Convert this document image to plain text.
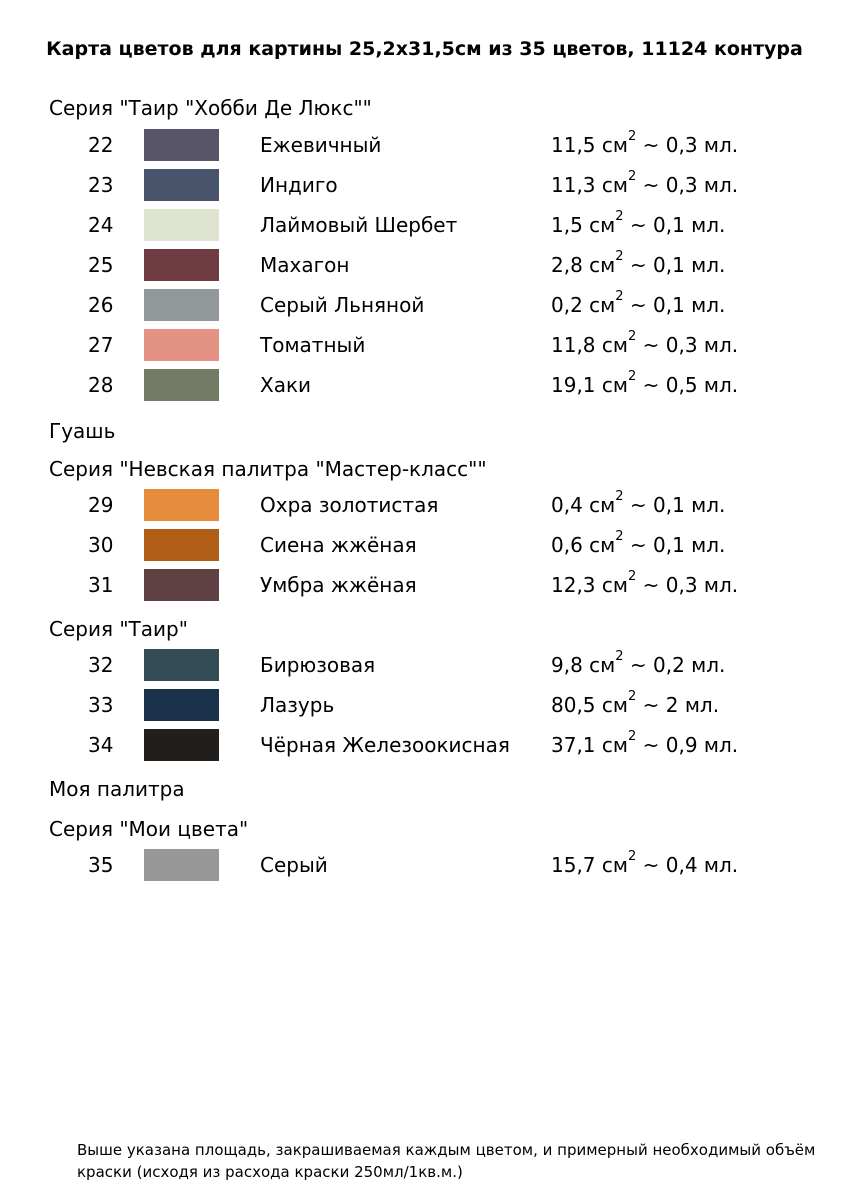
Карта цветов для картины 25,2x31,5см из 35 цветов, 11124 контура
Серия "Таир "Хобби Де Люкс""
22	Ежевичный	11,5 $см^2$ ~ 0,3 мл.
23	Индиго	11,3 $см^2$ ~ 0,3 мл.
24	Лаймовый Шербет	1,5 $см^2$ ~ 0,1 мл.
25	Махагон	2,8 $см^2$ ~ 0,1 мл.
26	Серый Льняной	0,2 $см^2$ ~ 0,1 мл.
27	Томатный	11,8 $см^2$ ~ 0,3 мл.
28	Хаки	19,1 $см^2$ ~ 0,5 мл.
Гуашь
Серия "Невская палитра "Мастер-класс""
29	Охра золотистая	0,4 $см^2$ ~ 0,1 мл.
30	Сиена жжёная	0,6 $см^2$ ~ 0,1 мл.
31	Умбра жжёная	12,3 $см^2$ ~ 0,3 мл.
Серия "Таир"
32	Бирюзовая	9,8 $см^2$ ~ 0,2 мл.
33	Лазурь	80,5 $см^2$ ~ 2 мл.
34	Чёрная Железоокисная 37,1 $см^2$ ~ 0,9 мл.
Моя палитра
Серия "Мои цвета"
35	Серый	15,7 $см^2$ ~ 0,4 мл.
Выше указана площадь, закрашиваемая каждым цветом, и примерный необходимый объём краски (исходя из расхода краски 250мл/1кв.м.)
